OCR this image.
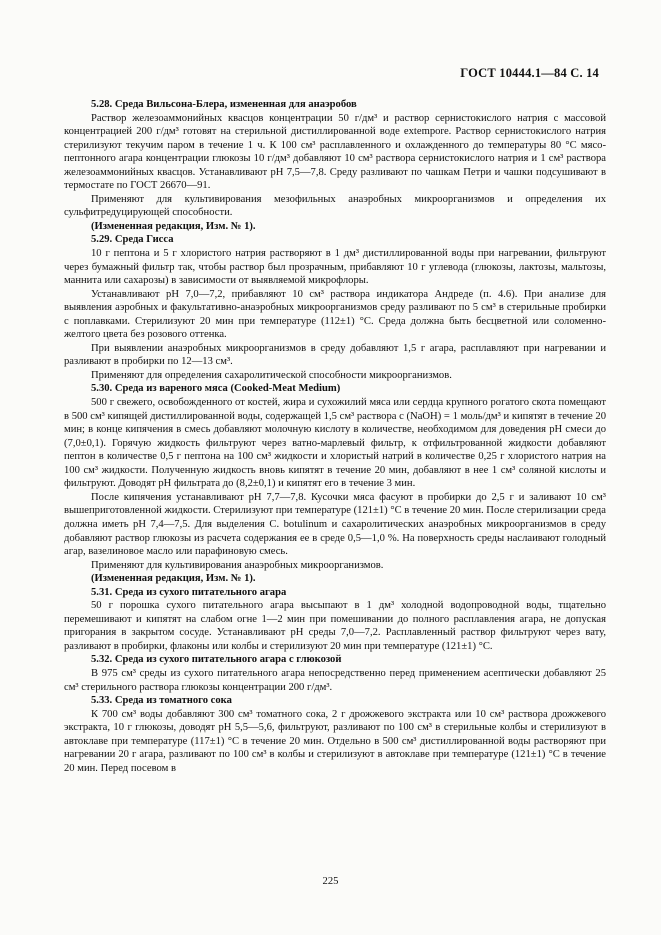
ГОСТ 10444.1—84 С. 14

5.28. Среда Вильсона-Блера, измененная для анаэробов

Раствор железоаммонийных квасцов концентрации 50 г/дм³ и раствор сернистокислого натрия с массовой концентрацией 200 г/дм³ готовят на стерильной дистиллированной воде extempore. Раствор сернистокислого натрия стерилизуют текучим паром в течение 1 ч. К 100 см³ расплавленного и охлажденного до температуры 80 °С мясо-пептонного агара концентрации глюкозы 10 г/дм³ добавляют 10 см³ раствора сернистокислого натрия и 1 см³ раствора железоаммонийных квасцов. Устанавливают pH 7,5—7,8. Среду разливают по чашкам Петри и чашки подсушивают в термостате по ГОСТ 26670—91.

Применяют для культивирования мезофильных анаэробных микроорганизмов и определения их сульфитредуцирующей способности.

(Измененная редакция, Изм. № 1).

5.29. Среда Гисса

10 г пептона и 5 г хлористого натрия растворяют в 1 дм³ дистиллированной воды при нагревании, фильтруют через бумажный фильтр так, чтобы раствор был прозрачным, прибавляют 10 г углевода (глюкозы, лактозы, мальтозы, маннита или сахарозы) в зависимости от выявляемой микрофлоры.

Устанавливают pH 7,0—7,2, прибавляют 10 см³ раствора индикатора Андреде (п. 4.6). При анализе для выявления аэробных и факультативно-анаэробных микроорганизмов среду разливают по 5 см³ в стерильные пробирки с поплавками. Стерилизуют 20 мин при температуре (112±1) °С. Среда должна быть бесцветной или соломенно-желтого цвета без розового оттенка.

При выявлении анаэробных микроорганизмов в среду добавляют 1,5 г агара, расплавляют при нагревании и разливают в пробирки по 12—13 см³.

Применяют для определения сахаролитической способности микроорганизмов.

5.30. Среда из вареного мяса (Cooked-Meat Medium)

500 г свежего, освобожденного от костей, жира и сухожилий мяса или сердца крупного рогатого скота помещают в 500 см³ кипящей дистиллированной воды, содержащей 1,5 см³ раствора с (NaOH) = 1 моль/дм³ и кипятят в течение 20 мин; в конце кипячения в смесь добавляют молочную кислоту в количестве, необходимом для доведения pH смеси до (7,0±0,1). Горячую жидкость фильтруют через ватно-марлевый фильтр, к отфильтрованной жидкости добавляют пептон в количестве 0,5 г пептона на 100 см³ жидкости и хлористый натрий в количестве 0,25 г хлористого натрия на 100 см³ жидкости. Полученную жидкость вновь кипятят в течение 20 мин, добавляют в нее 1 см³ соляной кислоты и фильтруют. Доводят pH фильтрата до (8,2±0,1) и кипятят его в течение 3 мин.

После кипячения устанавливают pH 7,7—7,8. Кусочки мяса фасуют в пробирки до 2,5 г и заливают 10 см³ вышеприготовленной жидкости. Стерилизуют при температуре (121±1) °С в течение 20 мин. После стерилизации среда должна иметь pH 7,4—7,5. Для выделения C. botulinum и сахаролитических анаэробных микроорганизмов в среду добавляют раствор глюкозы из расчета содержания ее в среде 0,5—1,0 %. На поверхность среды наслаивают голодный агар, вазелиновое масло или парафиновую смесь.

Применяют для культивирования анаэробных микроорганизмов.

(Измененная редакция, Изм. № 1).

5.31. Среда из сухого питательного агара

50 г порошка сухого питательного агара высыпают в 1 дм³ холодной водопроводной воды, тщательно перемешивают и кипятят на слабом огне 1—2 мин при помешивании до полного расплавления агара, не допуская пригорания в закрытом сосуде. Устанавливают pH среды 7,0—7,2. Расплавленный раствор фильтруют через вату, разливают в пробирки, флаконы или колбы и стерилизуют 20 мин при температуре (121±1) °С.

5.32. Среда из сухого питательного агара с глюкозой

В 975 см³ среды из сухого питательного агара непосредственно перед применением асептически добавляют 25 см³ стерильного раствора глюкозы концентрации 200 г/дм³.

5.33. Среда из томатного сока

К 700 см³ воды добавляют 300 см³ томатного сока, 2 г дрожжевого экстракта или 10 см³ раствора дрожжевого экстракта, 10 г глюкозы, доводят pH 5,5—5,6, фильтруют, разливают по 100 см³ в стерильные колбы и стерилизуют в автоклаве при температуре (117±1) °С в течение 20 мин. Отдельно в 500 см³ дистиллированной воды растворяют при нагревании 20 г агара, разливают по 100 см³ в колбы и стерилизуют в автоклаве при температуре (121±1) °С в течение 20 мин. Перед посевом в

225
